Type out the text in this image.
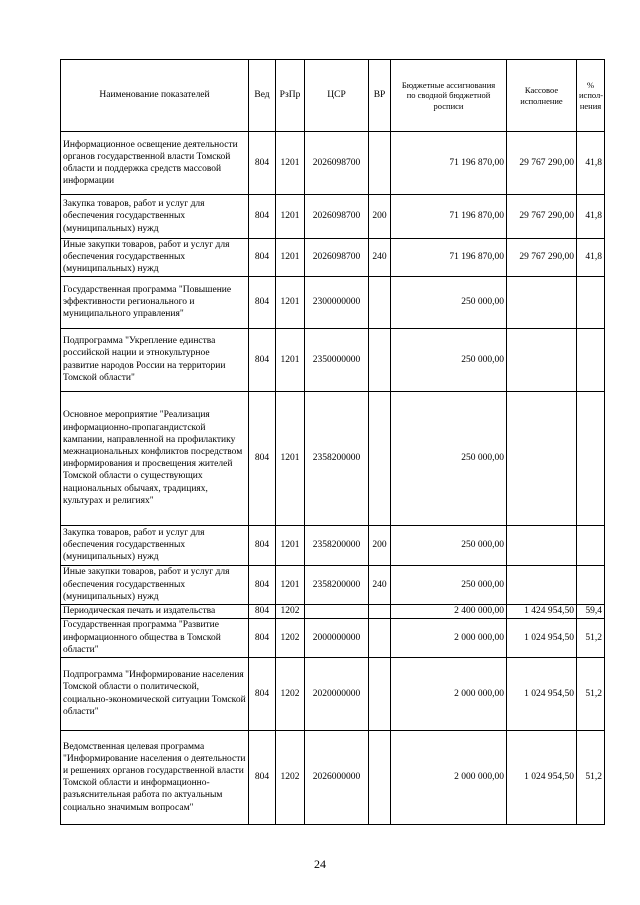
Наименование показателей	Вед	РзПр	ЦСР	ВР	Бюджетные ассигнования по сводной бюджетной росписи	Кассовое исполнение	% испол-нения
Информационное освещение деятельности органов государственной власти Томской области и поддержка средств массовой информации	804	1201	2026098700		71 196 870,00	29 767 290,00	41,8
Закупка товаров, работ и услуг для обеспечения государственных (муниципальных) нужд	804	1201	2026098700	200	71 196 870,00	29 767 290,00	41,8
Иные закупки товаров, работ и услуг для обеспечения государственных (муниципальных) нужд	804	1201	2026098700	240	71 196 870,00	29 767 290,00	41,8
Государственная программа "Повышение эффективности регионального и муниципального управления"	804	1201	2300000000		250 000,00		
Подпрограмма "Укрепление единства российской нации и этнокультурное развитие народов России на территории Томской области"	804	1201	2350000000		250 000,00		
Основное мероприятие "Реализация информационно-пропагандистской кампании, направленной на профилактику межнациональных конфликтов посредством информирования и просвещения жителей Томской области о существующих национальных обычаях, традициях, культурах и религиях"	804	1201	2358200000		250 000,00		
Закупка товаров, работ и услуг для обеспечения государственных (муниципальных) нужд	804	1201	2358200000	200	250 000,00		
Иные закупки товаров, работ и услуг для обеспечения государственных (муниципальных) нужд	804	1201	2358200000	240	250 000,00		
Периодическая печать и издательства	804	1202			2 400 000,00	1 424 954,50	59,4
Государственная программа "Развитие информационного общества в Томской области"	804	1202	2000000000		2 000 000,00	1 024 954,50	51,2
Подпрограмма "Информирование населения Томской области о политической, социально-экономической ситуации Томской области"	804	1202	2020000000		2 000 000,00	1 024 954,50	51,2
Ведомственная целевая программа "Информирование населения о деятельности и решениях органов государственной власти Томской области и информационно-разъяснительная работа по актуальным социально значимым вопросам"	804	1202	2026000000		2 000 000,00	1 024 954,50	51,2
24
